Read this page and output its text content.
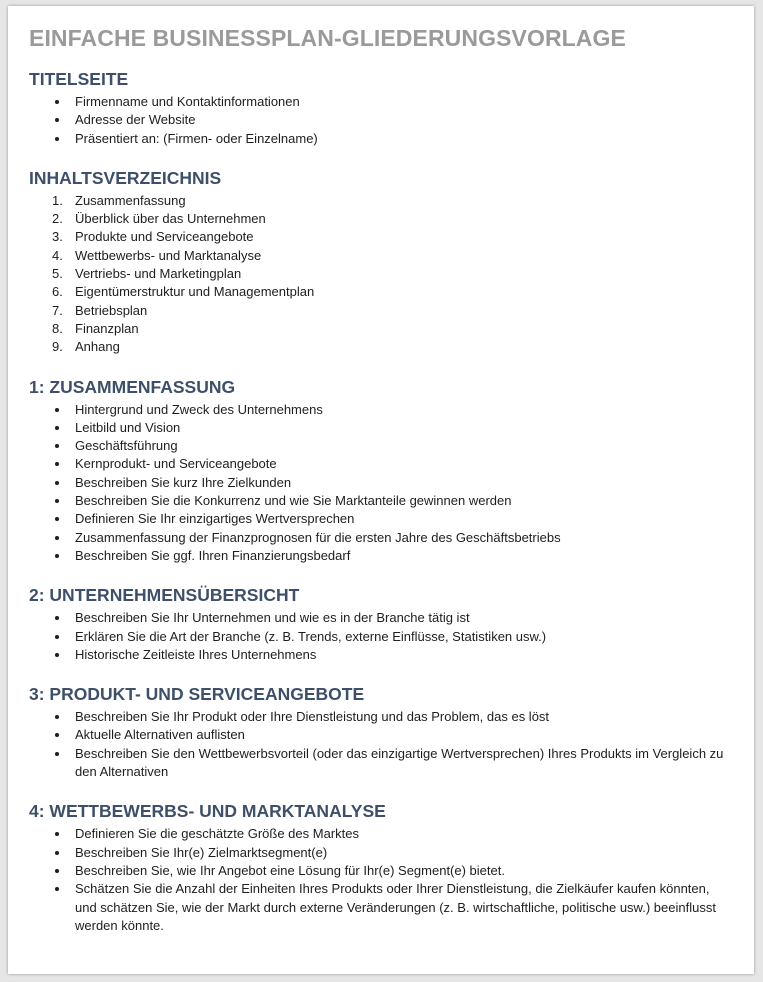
EINFACHE BUSINESSPLAN-GLIEDERUNGSVORLAGE
TITELSEITE
Firmenname und Kontaktinformationen
Adresse der Website
Präsentiert an: (Firmen- oder Einzelname)
INHALTSVERZEICHNIS
1. Zusammenfassung
2. Überblick über das Unternehmen
3. Produkte und Serviceangebote
4. Wettbewerbs- und Marktanalyse
5. Vertriebs- und Marketingplan
6. Eigentümerstruktur und Managementplan
7. Betriebsplan
8. Finanzplan
9. Anhang
1: ZUSAMMENFASSUNG
Hintergrund und Zweck des Unternehmens
Leitbild und Vision
Geschäftsführung
Kernprodukt- und Serviceangebote
Beschreiben Sie kurz Ihre Zielkunden
Beschreiben Sie die Konkurrenz und wie Sie Marktanteile gewinnen werden
Definieren Sie Ihr einzigartiges Wertversprechen
Zusammenfassung der Finanzprognosen für die ersten Jahre des Geschäftsbetriebs
Beschreiben Sie ggf. Ihren Finanzierungsbedarf
2: UNTERNEHMENSÜBERSICHT
Beschreiben Sie Ihr Unternehmen und wie es in der Branche tätig ist
Erklären Sie die Art der Branche (z. B. Trends, externe Einflüsse, Statistiken usw.)
Historische Zeitleiste Ihres Unternehmens
3: PRODUKT- UND SERVICEANGEBOTE
Beschreiben Sie Ihr Produkt oder Ihre Dienstleistung und das Problem, das es löst
Aktuelle Alternativen auflisten
Beschreiben Sie den Wettbewerbsvorteil (oder das einzigartige Wertversprechen) Ihres Produkts im Vergleich zu den Alternativen
4: WETTBEWERBS- UND MARKTANALYSE
Definieren Sie die geschätzte Größe des Marktes
Beschreiben Sie Ihr(e) Zielmarktsegment(e)
Beschreiben Sie, wie Ihr Angebot eine Lösung für Ihr(e) Segment(e) bietet.
Schätzen Sie die Anzahl der Einheiten Ihres Produkts oder Ihrer Dienstleistung, die Zielkäufer kaufen könnten, und schätzen Sie, wie der Markt durch externe Veränderungen (z. B. wirtschaftliche, politische usw.) beeinflusst werden könnte.
